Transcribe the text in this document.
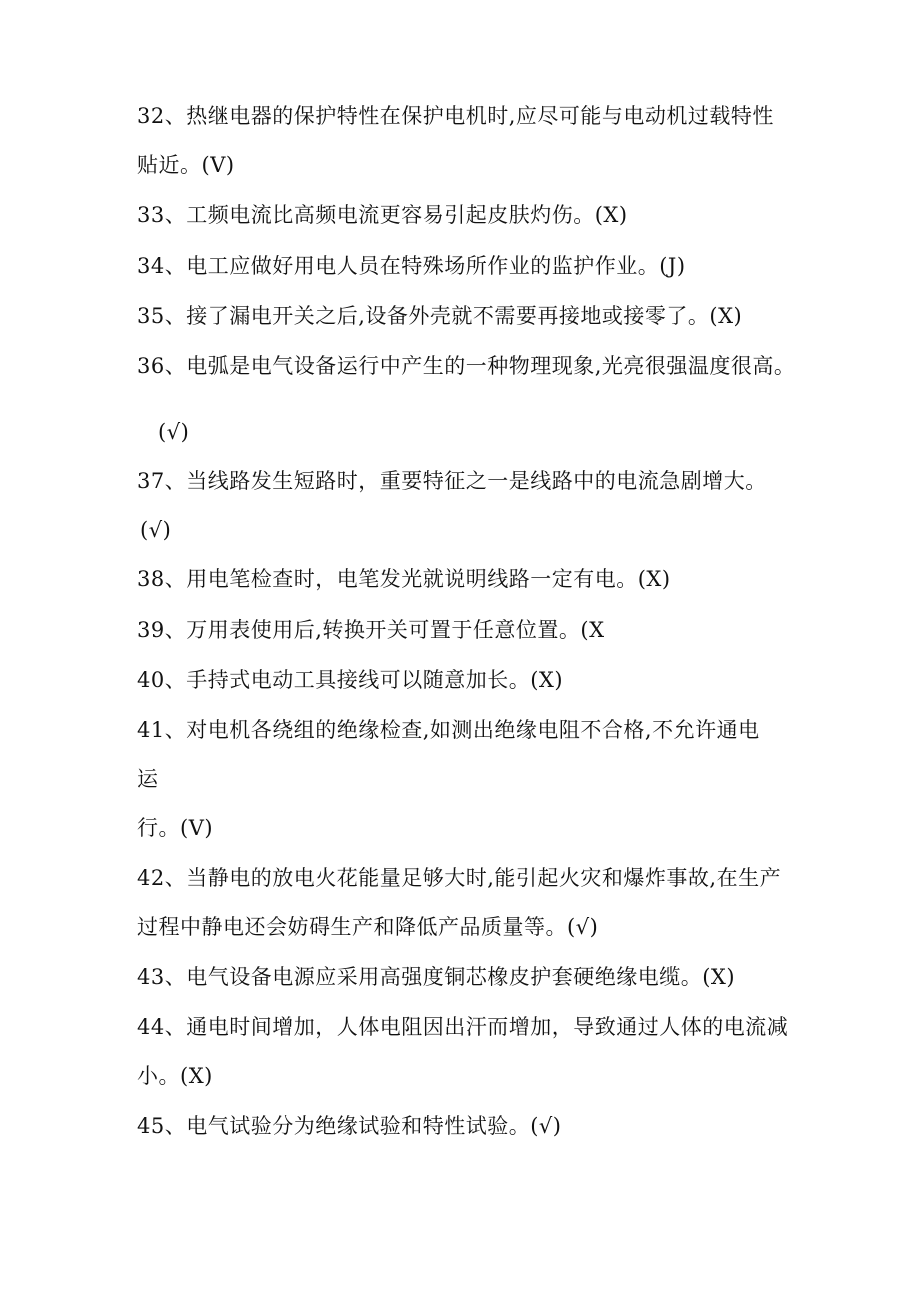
32、热继电器的保护特性在保护电机时,应尽可能与电动机过载特性
贴近。(V)
33、工频电流比高频电流更容易引起皮肤灼伤。(X)
34、电工应做好用电人员在特殊场所作业的监护作业。(J)
35、接了漏电开关之后,设备外壳就不需要再接地或接零了。(X)
36、电弧是电气设备运行中产生的一种物理现象,光亮很强温度很高。
(√)
37、当线路发生短路时，重要特征之一是线路中的电流急剧增大。
(√)
38、用电笔检查时，电笔发光就说明线路一定有电。(X)
39、万用表使用后,转换开关可置于任意位置。(X
40、手持式电动工具接线可以随意加长。(X)
41、对电机各绕组的绝缘检查,如测出绝缘电阻不合格,不允许通电
运
行。(V)
42、当静电的放电火花能量足够大时,能引起火灾和爆炸事故,在生产
过程中静电还会妨碍生产和降低产品质量等。(√)
43、电气设备电源应采用高强度铜芯橡皮护套硬绝缘电缆。(X)
44、通电时间增加，人体电阻因出汗而增加，导致通过人体的电流减
小。(X)
45、电气试验分为绝缘试验和特性试验。(√)
